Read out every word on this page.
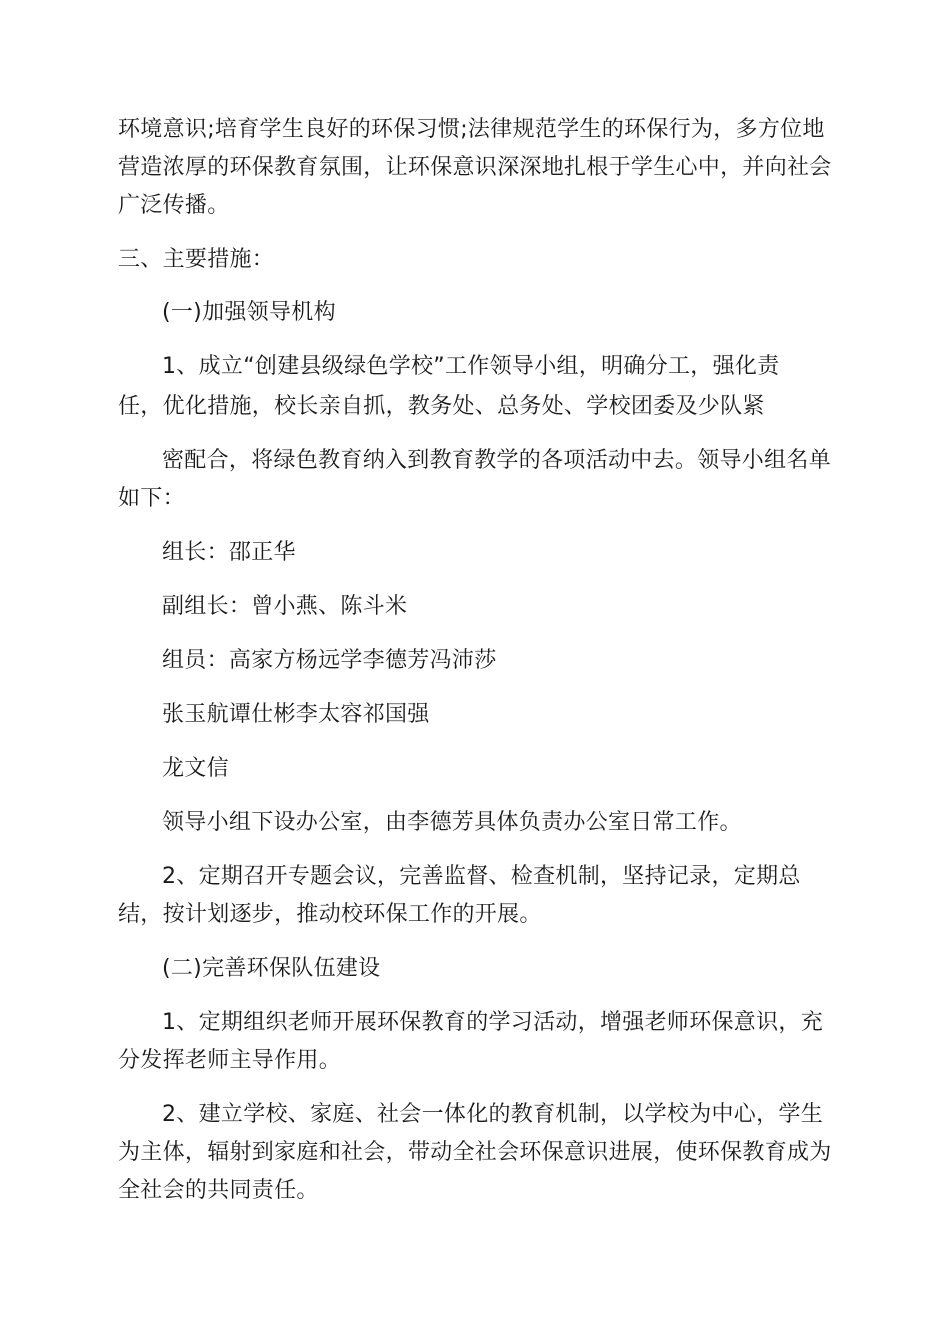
环境意识;培育学生良好的环保习惯;法律规范学生的环保行为，多方位地
营造浓厚的环保教育氛围，让环保意识深深地扎根于学生心中，并向社会
广泛传播。
三、主要措施：
(一)加强领导机构
1、成立“创建县级绿色学校”工作领导小组，明确分工，强化责
任，优化措施，校长亲自抓，教务处、总务处、学校团委及少队紧
密配合，将绿色教育纳入到教育教学的各项活动中去。领导小组名单
如下：
组长：邵正华
副组长：曾小燕、陈斗米
组员：高家方杨远学李德芳冯沛莎
张玉航谭仕彬李太容祁国强
龙文信
领导小组下设办公室，由李德芳具体负责办公室日常工作。
2、定期召开专题会议，完善监督、检查机制，坚持记录，定期总
结，按计划逐步，推动校环保工作的开展。
(二)完善环保队伍建设
1、定期组织老师开展环保教育的学习活动，增强老师环保意识，充
分发挥老师主导作用。
2、建立学校、家庭、社会一体化的教育机制，以学校为中心，学生
为主体，辐射到家庭和社会，带动全社会环保意识进展，使环保教育成为
全社会的共同责任。
